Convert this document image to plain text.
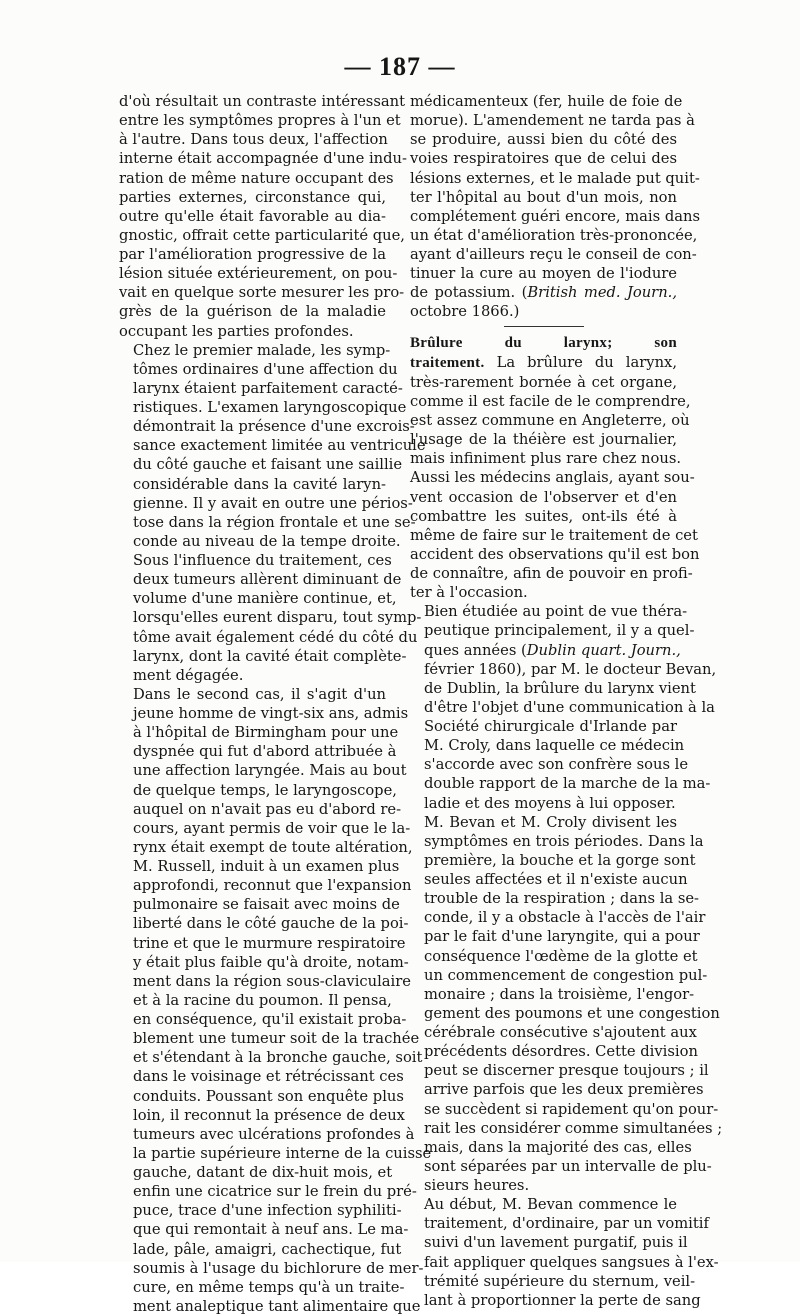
— 187 —

d'où résultait un contraste intéressant
entre les symptômes propres à l'un et
à l'autre. Dans tous deux, l'affection
interne était accompagnée d'une indu-
ration de même nature occupant des
parties externes, circonstance qui,
outre qu'elle était favorable au dia-
gnostic, offrait cette particularité que,
par l'amélioration progressive de la
lésion située extérieurement, on pou-
vait en quelque sorte mesurer les pro-
grès de la guérison de la maladie
occupant les parties profondes.

Chez le premier malade, les symp-
tômes ordinaires d'une affection du
larynx étaient parfaitement caracté-
ristiques. L'examen laryngoscopique
démontrait la présence d'une excrois-
sance exactement limitée au ventricule
du côté gauche et faisant une saillie
considérable dans la cavité laryn-
gienne. Il y avait en outre une périos-
tose dans la région frontale et une se-
conde au niveau de la tempe droite.
Sous l'influence du traitement, ces
deux tumeurs allèrent diminuant de
volume d'une manière continue, et,
lorsqu'elles eurent disparu, tout symp-
tôme avait également cédé du côté du
larynx, dont la cavité était complète-
ment dégagée.

Dans le second cas, il s'agit d'un
jeune homme de vingt-six ans, admis
à l'hôpital de Birmingham pour une
dyspnée qui fut d'abord attribuée à
une affection laryngée. Mais au bout
de quelque temps, le laryngoscope,
auquel on n'avait pas eu d'abord re-
cours, ayant permis de voir que le la-
rynx était exempt de toute altération,
M. Russell, induit à un examen plus
approfondi, reconnut que l'expansion
pulmonaire se faisait avec moins de
liberté dans le côté gauche de la poi-
trine et que le murmure respiratoire
y était plus faible qu'à droite, notam-
ment dans la région sous-claviculaire
et à la racine du poumon. Il pensa,
en conséquence, qu'il existait proba-
blement une tumeur soit de la trachée
et s'étendant à la bronche gauche, soit
dans le voisinage et rétrécissant ces
conduits. Poussant son enquête plus
loin, il reconnut la présence de deux
tumeurs avec ulcérations profondes à
la partie supérieure interne de la cuisse
gauche, datant de dix-huit mois, et
enfin une cicatrice sur le frein du pré-
puce, trace d'une infection syphiliti-
que qui remontait à neuf ans. Le ma-
lade, pâle, amaigri, cachectique, fut
soumis à l'usage du bichlorure de mer-
cure, en même temps qu'à un traite-
ment analeptique tant alimentaire que

médicamenteux (fer, huile de foie de
morue). L'amendement ne tarda pas à
se produire, aussi bien du côté des
voies respiratoires que de celui des
lésions externes, et le malade put quit-
ter l'hôpital au bout d'un mois, non
complétement guéri encore, mais dans
un état d'amélioration très-prononcée,
ayant d'ailleurs reçu le conseil de con-
tinuer la cure au moyen de l'iodure
de potassium. (British med. Journ.,
octobre 1866.)

Brûlure du larynx; son
traitement. La brûlure du larynx,
très-rarement bornée à cet organe,
comme il est facile de le comprendre,
est assez commune en Angleterre, où
l'usage de la théière est journalier,
mais infiniment plus rare chez nous.
Aussi les médecins anglais, ayant sou-
vent occasion de l'observer et d'en
combattre les suites, ont-ils été à
même de faire sur le traitement de cet
accident des observations qu'il est bon
de connaître, afin de pouvoir en profi-
ter à l'occasion.

Bien étudiée au point de vue théra-
peutique principalement, il y a quel-
ques années (Dublin quart. Journ.,
février 1860), par M. le docteur Bevan,
de Dublin, la brûlure du larynx vient
d'être l'objet d'une communication à la
Société chirurgicale d'Irlande par
M. Croly, dans laquelle ce médecin
s'accorde avec son confrère sous le
double rapport de la marche de la ma-
ladie et des moyens à lui opposer.

M. Bevan et M. Croly divisent les
symptômes en trois périodes. Dans la
première, la bouche et la gorge sont
seules affectées et il n'existe aucun
trouble de la respiration ; dans la se-
conde, il y a obstacle à l'accès de l'air
par le fait d'une laryngite, qui a pour
conséquence l'œdème de la glotte et
un commencement de congestion pul-
monaire ; dans la troisième, l'engor-
gement des poumons et une congestion
cérébrale consécutive s'ajoutent aux
précédents désordres. Cette division
peut se discerner presque toujours ; il
arrive parfois que les deux premières
se succèdent si rapidement qu'on pour-
rait les considérer comme simultanées ;
mais, dans la majorité des cas, elles
sont séparées par un intervalle de plu-
sieurs heures.

Au début, M. Bevan commence le
traitement, d'ordinaire, par un vomitif
suivi d'un lavement purgatif, puis il
fait appliquer quelques sangsues à l'ex-
trémité supérieure du sternum, veil-
lant à proportionner la perte de sang
